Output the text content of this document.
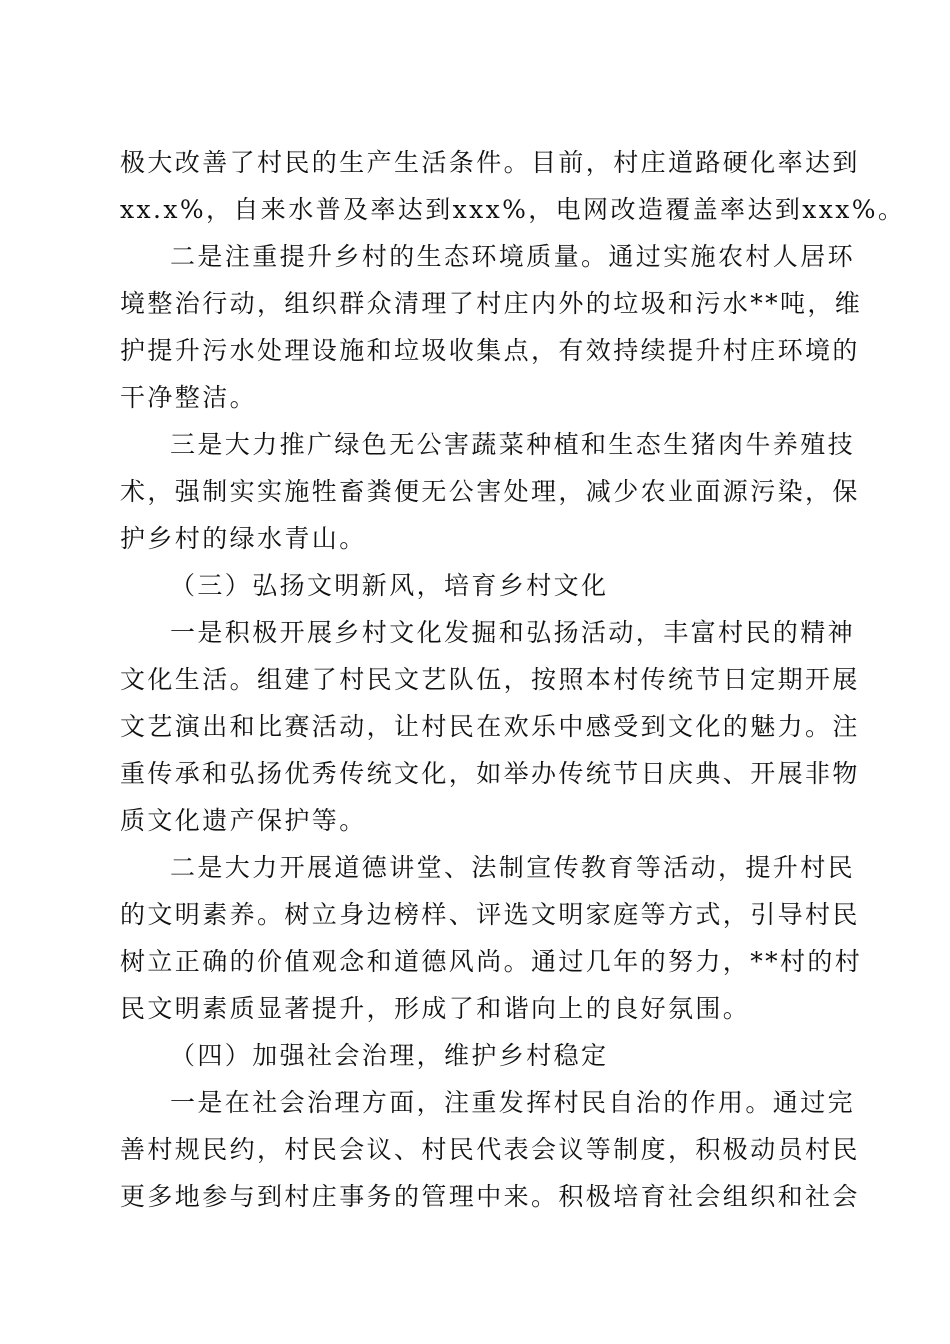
极大改善了村民的生产生活条件。目前，村庄道路硬化率达到
xx.x%，自来水普及率达到xxx%，电网改造覆盖率达到xxx%。
二是注重提升乡村的生态环境质量。通过实施农村人居环
境整治行动，组织群众清理了村庄内外的垃圾和污水**吨，维
护提升污水处理设施和垃圾收集点，有效持续提升村庄环境的
干净整洁。
三是大力推广绿色无公害蔬菜种植和生态生猪肉牛养殖技
术，强制实实施牲畜粪便无公害处理，减少农业面源污染，保
护乡村的绿水青山。
（三）弘扬文明新风，培育乡村文化
一是积极开展乡村文化发掘和弘扬活动，丰富村民的精神
文化生活。组建了村民文艺队伍，按照本村传统节日定期开展
文艺演出和比赛活动，让村民在欢乐中感受到文化的魅力。注
重传承和弘扬优秀传统文化，如举办传统节日庆典、开展非物
质文化遗产保护等。
二是大力开展道德讲堂、法制宣传教育等活动，提升村民
的文明素养。树立身边榜样、评选文明家庭等方式，引导村民
树立正确的价值观念和道德风尚。通过几年的努力，**村的村
民文明素质显著提升，形成了和谐向上的良好氛围。
（四）加强社会治理，维护乡村稳定
一是在社会治理方面，注重发挥村民自治的作用。通过完
善村规民约，村民会议、村民代表会议等制度，积极动员村民
更多地参与到村庄事务的管理中来。积极培育社会组织和社会
